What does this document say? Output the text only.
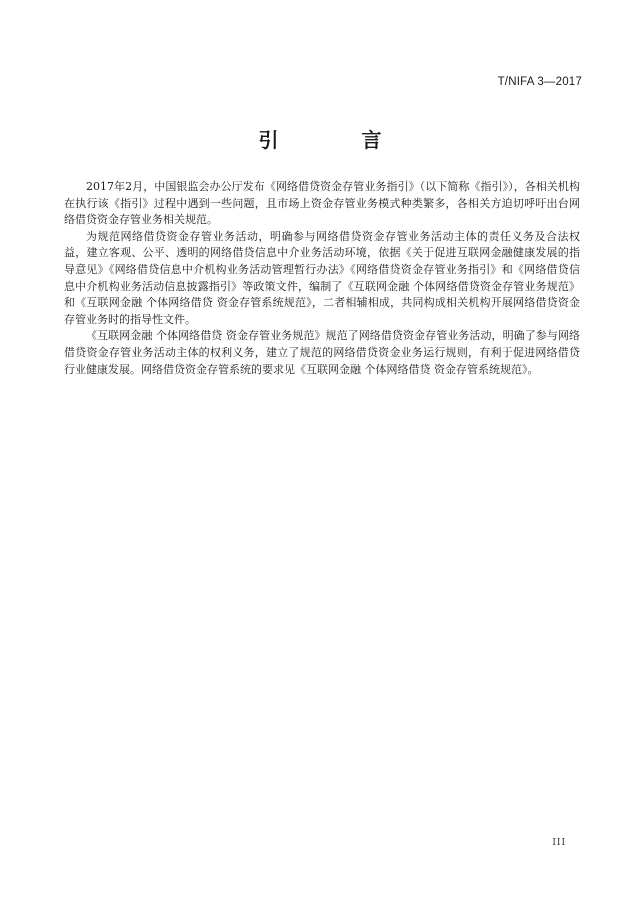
T/NIFA 3—2017
引 言

2017年2月，中国银监会办公厅发布《网络借贷资金存管业务指引》（以下简称《指引》），各相关机构在执行该《指引》过程中遇到一些问题，且市场上资金存管业务模式种类繁多，各相关方迫切呼吁出台网络借贷资金存管业务相关规范。

为规范网络借贷资金存管业务活动，明确参与网络借贷资金存管业务活动主体的责任义务及合法权益，建立客观、公平、透明的网络借贷信息中介业务活动环境，依据《关于促进互联网金融健康发展的指导意见》《网络借贷信息中介机构业务活动管理暂行办法》《网络借贷资金存管业务指引》和《网络借贷信息中介机构业务活动信息披露指引》等政策文件，编制了《互联网金融 个体网络借贷资金存管业务规范》和《互联网金融 个体网络借贷 资金存管系统规范》，二者相辅相成，共同构成相关机构开展网络借贷资金存管业务时的指导性文件。

《互联网金融 个体网络借贷 资金存管业务规范》规范了网络借贷资金存管业务活动，明确了参与网络借贷资金存管业务活动主体的权利义务，建立了规范的网络借贷资金业务运行规则，有利于促进网络借贷行业健康发展。网络借贷资金存管系统的要求见《互联网金融 个体网络借贷 资金存管系统规范》。

III
